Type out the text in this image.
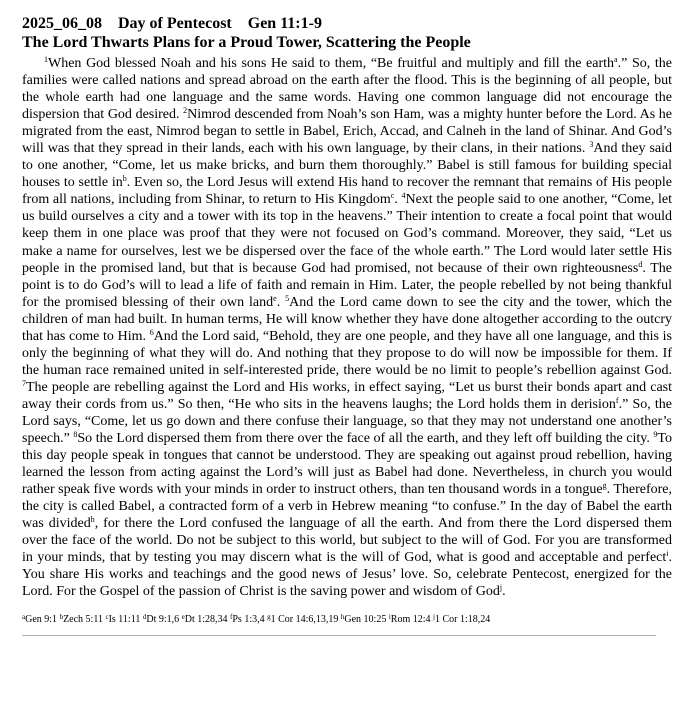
2025_06_08    Day of Pentecost    Gen 11:1-9
The Lord Thwarts Plans for a Proud Tower, Scattering the People

$^1$When God blessed Noah and his sons He said to them, “Be fruitful and multiply and fill the earth$^a$.” So, the families were called nations and spread abroad on the earth after the flood. This is the beginning of all people, but the whole earth had one language and the same words. Having one common language did not encourage the dispersion that God desired. $^2$Nimrod descended from Noah’s son Ham, was a mighty hunter before the Lord. As he migrated from the east, Nimrod began to settle in Babel, Erich, Accad, and Calneh in the land of Shinar. And God’s will was that they spread in their lands, each with his own language, by their clans, in their nations. $^3$And they said to one another, “Come, let us make bricks, and burn them thoroughly.” Babel is still famous for building special houses to settle $in^b$. Even so, the Lord Jesus will extend His hand to recover the remnant that remains of His people from all nations, including from Shinar, to return to His Kingdom$^c$. $^4$Next the people said to one another, “Come, let us build ourselves a city and a tower with its top in the heavens.” Their intention to create a focal point that would keep them in one place was proof that they were not focused on God’s command. Moreover, they said, “Let us make a name for ourselves, lest we be dispersed over the face of the whole earth.” The Lord would later settle His people in the promised land, but that is because God had promised, not because of their own righteousness$^d$. The point is to do God’s will to lead a life of faith and remain in Him. Later, the people rebelled by not being thankful for the promised blessing of their own land$^e$. $^5$And the Lord came down to see the city and the tower, which the children of man had built. In human terms, He will know whether they have done altogether according to the outcry that has come to Him. $^6$And the Lord said, “Behold, they are one people, and they have all one language, and this is only the beginning of what they will do. And nothing that they propose to do will now be impossible for them. If the human race remained united in self-interested pride, there would be no limit to people’s rebellion against God. $^7$The people are rebelling against the Lord and His works, in effect saying, “Let us burst their bonds apart and cast away their cords from us.” So then, “He who sits in the heavens laughs; the Lord holds them in derision$^f$.” So, the Lord says, “Come, let us go down and there confuse their language, so that they may not understand one another’s speech.” $^8$So the Lord dispersed them from there over the face of all the earth, and they left off building the city. $^9$To this day people speak in tongues that cannot be understood. They are speaking out against proud rebellion, having learned the lesson from acting against the Lord’s will just as Babel had done. Nevertheless, in church you would rather speak five words with your minds in order to instruct others, than ten thousand words in a tongue$^g$. Therefore, the city is called Babel, a contracted form of a verb in Hebrew meaning “to confuse.” In the day of Babel the earth was divided$^h$, for there the Lord confused the language of all the earth. And from there the Lord dispersed them over the face of the world. Do not be subject to this world, but subject to the will of God. For you are transformed in your minds, that by testing you may discern what is the will of God, what is good and acceptable and perfect$^i$. You share His works and teachings and the good news of Jesus’ love. So, celebrate Pentecost, energized for the Lord. For the Gospel of the passion of Christ is the saving power and wisdom of God$^j$.

$^a$Gen 9:1 $^b$Zech 5:11 $^c$Is 11:11 $^d$Dt 9:1,6 $^e$Dt 1:28,34 $^f$Ps 1:3,4 $^g$1 Cor 14:6,13,19 $^h$Gen 10:25 $^i$Rom 12:4 $^j$1 Cor 1:18,24
